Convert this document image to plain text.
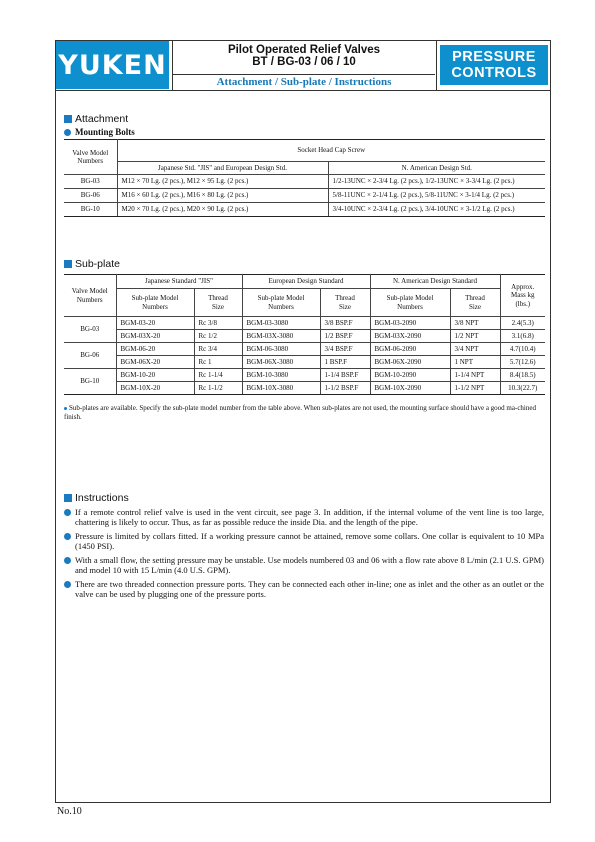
YUKEN	Pilot Operated Relief Valves
BT / BG-03 / 06 / 10
Attachment / Sub-plate / Instructions
PRESSURE
CONTROLS
Attachment
Mounting Bolts
Valve Model Numbers	Socket Head Cap Screw	
	Japanese Std. "JIS" and European Design Std.	N. American Design Std.
BG-03	M12 × 70 Lg. (2 pcs.), M12 × 95 Lg. (2 pcs.)	1/2-13UNC × 2-3/4 Lg. (2 pcs.), 1/2-13UNC × 3-3/4 Lg. (2 pcs.)
BG-06	M16 × 60 Lg. (2 pcs.), M16 × 80 Lg. (2 pcs.)	5/8-11UNC × 2-1/4 Lg. (2 pcs.), 5/8-11UNC × 3-1/4 Lg. (2 pcs.)
BG-10	M20 × 70 Lg. (2 pcs.), M20 × 90 Lg. (2 pcs.)	3/4-10UNC × 2-3/4 Lg. (2 pcs.), 3/4-10UNC × 3-1/2 Lg. (2 pcs.)
Sub-plate
Valve Model Numbers	Japanese Standard "JIS"		European Design Standard		N. American Design Standard		Approx. Mass kg (lbs.)
	Sub-plate Model Numbers	Thread Size	Sub-plate Model Numbers	Thread Size	Sub-plate Model Numbers	Thread Size	
BG-03	BGM-03-20	Rc 3/8	BGM-03-3080	3/8 BSP.F	BGM-03-2090	3/8 NPT	2.4(5.3)
	BGM-03X-20	Rc 1/2	BGM-03X-3080	1/2 BSP.F	BGM-03X-2090	1/2 NPT	3.1(6.8)
BG-06	BGM-06-20	Rc 3/4	BGM-06-3080	3/4 BSP.F	BGM-06-2090	3/4 NPT	4.7(10.4)
	BGM-06X-20	Rc 1	BGM-06X-3080	1 BSP.F	BGM-06X-2090	1 NPT	5.7(12.6)
BG-10	BGM-10-20	Rc 1-1/4	BGM-10-3080	1-1/4 BSP.F	BGM-10-2090	1-1/4 NPT	8.4(18.5)
	BGM-10X-20	Rc 1-1/2	BGM-10X-3080	1-1/2 BSP.F	BGM-10X-2090	1-1/2 NPT	10.3(22.7)
Sub-plates are available. Specify the sub-plate model number from the table above. When sub-plates are not used, the mounting surface should have a good ma-chined finish.
Instructions
If a remote control relief valve is used in the vent circuit, see page 3. In addition, if the internal volume of the vent line is too large, chattering is likely to occur. Thus, as far as possible reduce the inside Dia. and the length of the pipe.
Pressure is limited by collars fitted. If a working pressure cannot be attained, remove some collars. One collar is equivalent to 10 MPa (1450 PSI).
With a small flow, the setting pressure may be unstable. Use models numbered 03 and 06 with a flow rate above 8 L/min (2.1 U.S. GPM) and model 10 with 15 L/min (4.0 U.S. GPM).
There are two threaded connection pressure ports. They can be connected each other in-line; one as inlet and the other as an outlet or the valve can be used by plugging one of the pressure ports.
No.10
